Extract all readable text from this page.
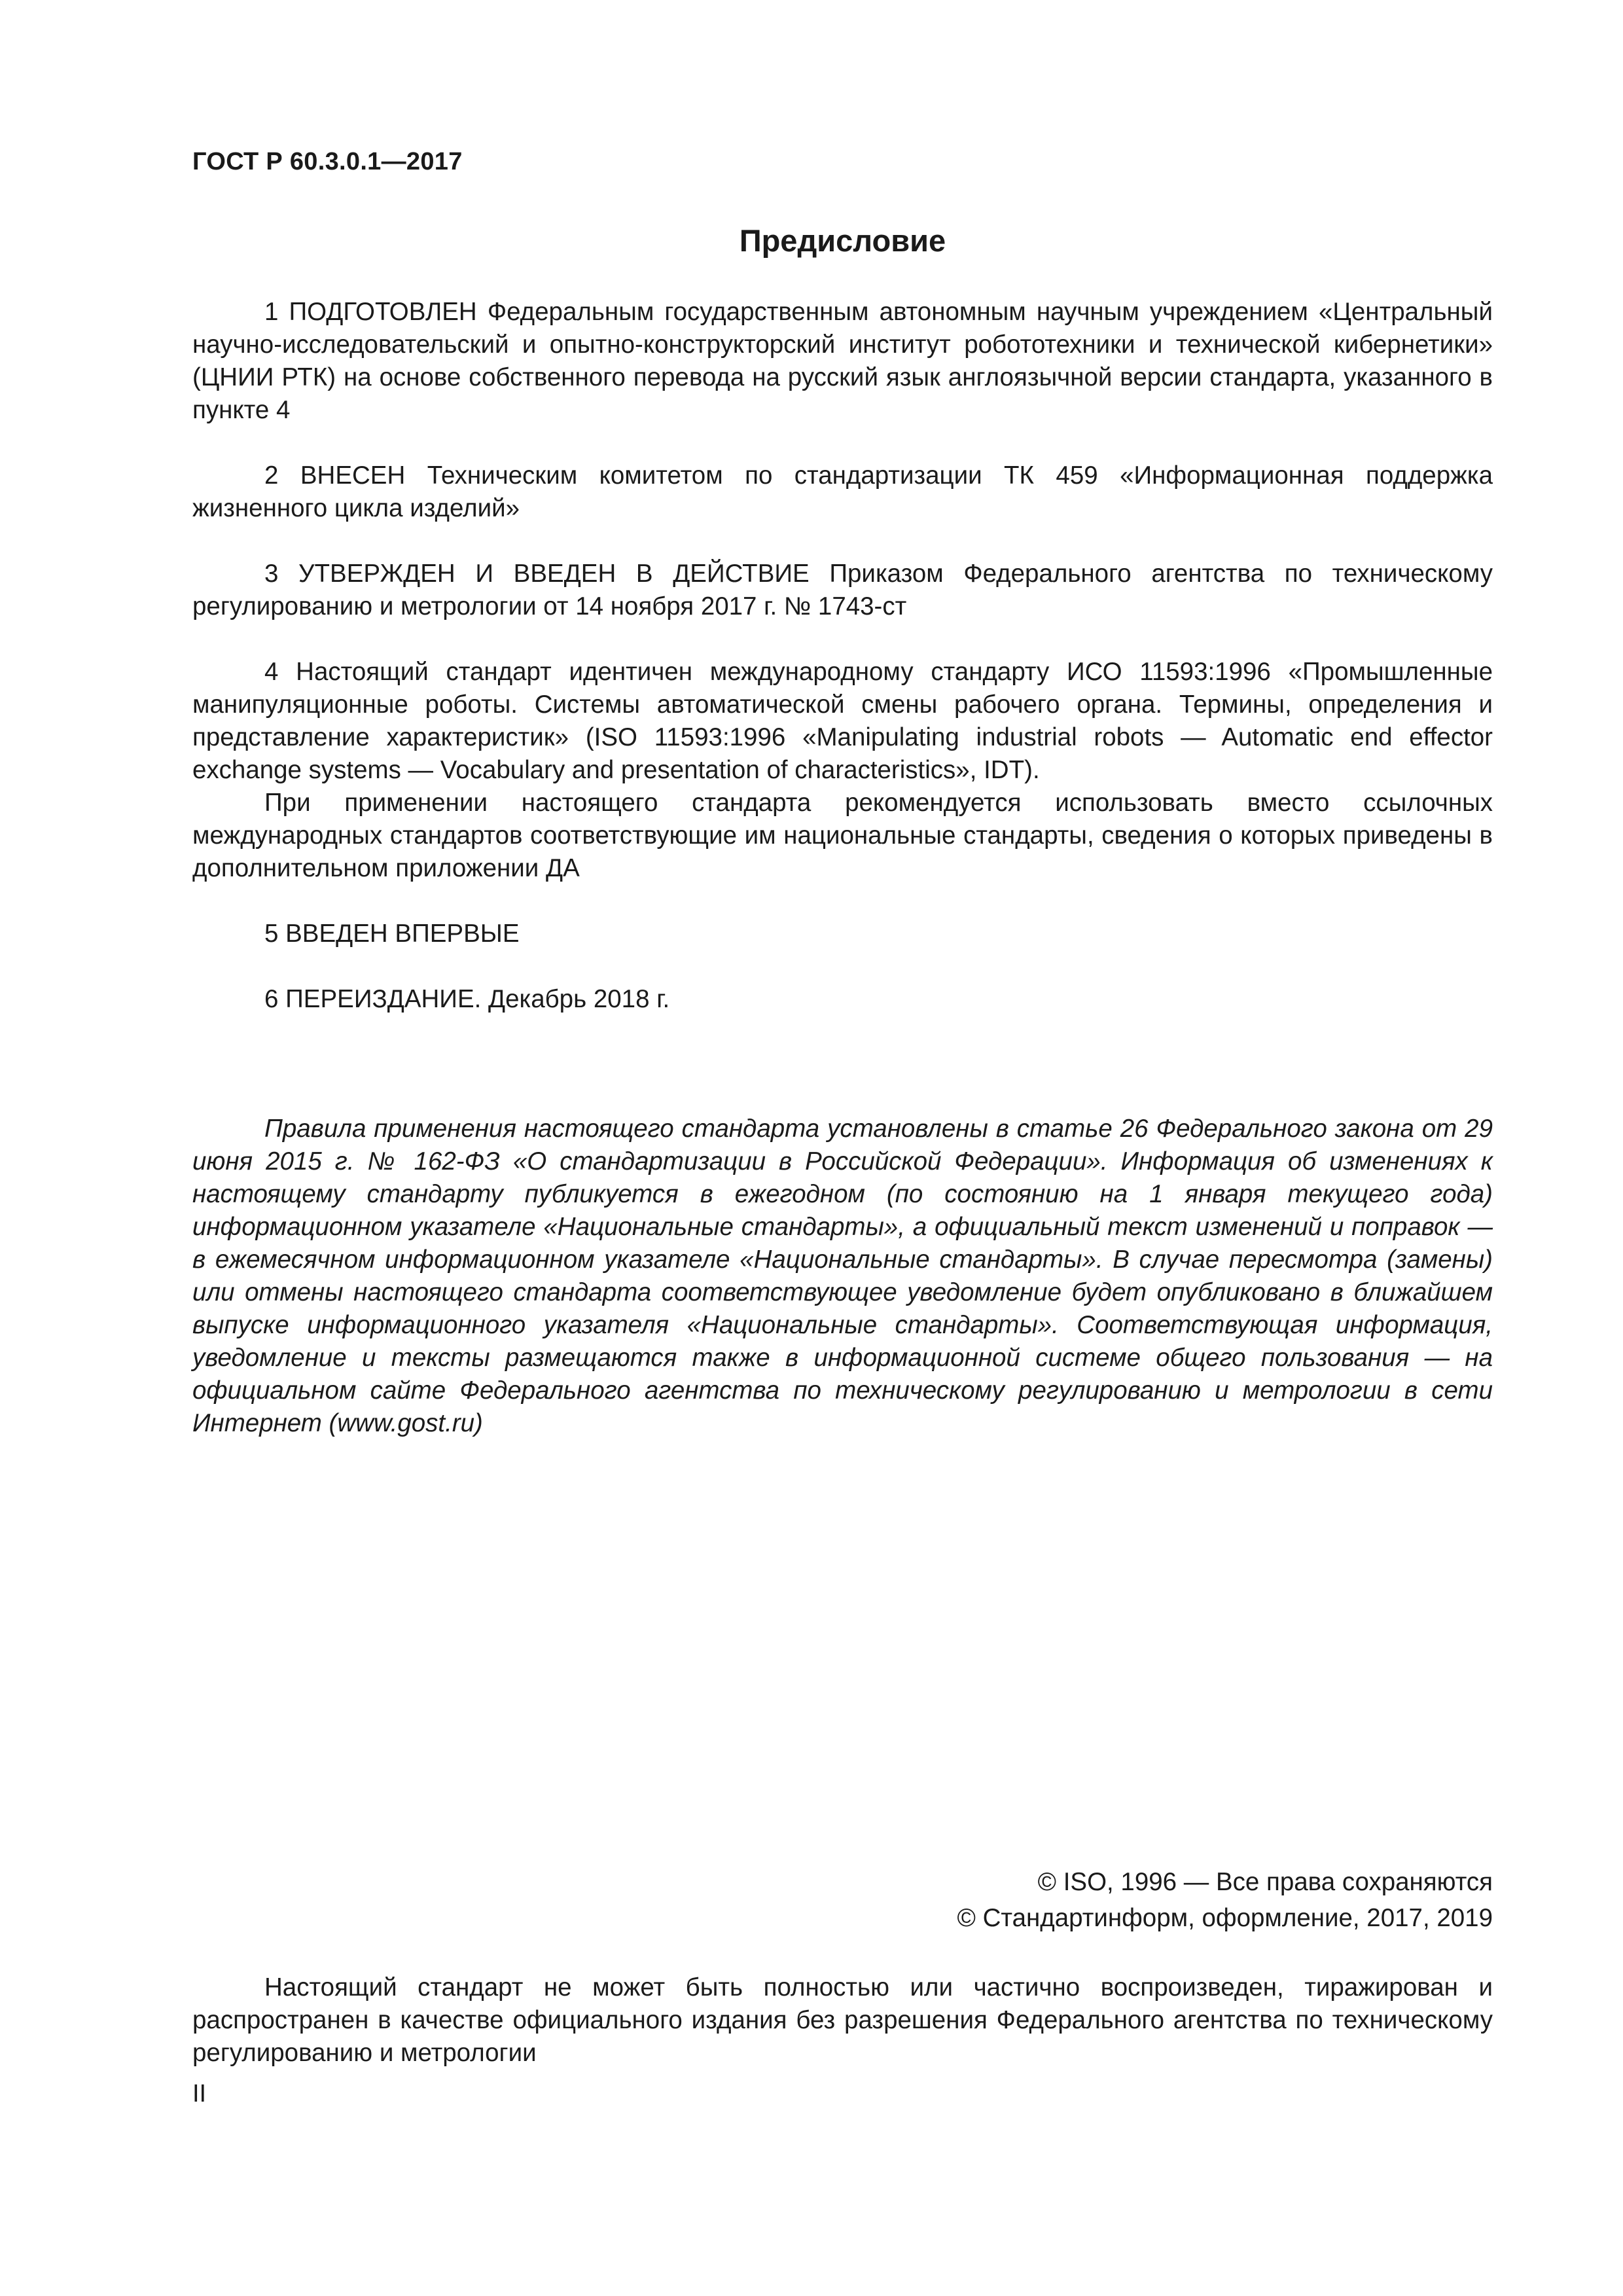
ГОСТ Р 60.3.0.1—2017
Предисловие

1 ПОДГОТОВЛЕН Федеральным государственным автономным научным учреждением «Центральный научно-исследовательский и опытно-конструкторский институт робототехники и технической кибернетики» (ЦНИИ РТК) на основе собственного перевода на русский язык англоязычной версии стандарта, указанного в пункте 4

2 ВНЕСЕН Техническим комитетом по стандартизации ТК 459 «Информационная поддержка жизненного цикла изделий»

3 УТВЕРЖДЕН И ВВЕДЕН В ДЕЙСТВИЕ Приказом Федерального агентства по техническому регулированию и метрологии от 14 ноября 2017 г. № 1743-ст

4 Настоящий стандарт идентичен международному стандарту ИСО 11593:1996 «Промышленные манипуляционные роботы. Системы автоматической смены рабочего органа. Термины, определения и представление характеристик» (ISO 11593:1996 «Manipulating industrial robots — Automatic end effector exchange systems — Vocabulary and presentation of characteristics», IDT).

При применении настоящего стандарта рекомендуется использовать вместо ссылочных международных стандартов соответствующие им национальные стандарты, сведения о которых приведены в дополнительном приложении ДА

5 ВВЕДЕН ВПЕРВЫЕ

6 ПЕРЕИЗДАНИЕ. Декабрь 2018 г.

Правила применения настоящего стандарта установлены в статье 26 Федерального закона от 29 июня 2015 г. № 162-ФЗ «О стандартизации в Российской Федерации». Информация об изменениях к настоящему стандарту публикуется в ежегодном (по состоянию на 1 января текущего года) информационном указателе «Национальные стандарты», а официальный текст изменений и поправок — в ежемесячном информационном указателе «Национальные стандарты». В случае пересмотра (замены) или отмены настоящего стандарта соответствующее уведомление будет опубликовано в ближайшем выпуске информационного указателя «Национальные стандарты». Соответствующая информация, уведомление и тексты размещаются также в информационной системе общего пользования — на официальном сайте Федерального агентства по техническому регулированию и метрологии в сети Интернет (www.gost.ru)

© ISO, 1996 — Все права сохраняются
© Стандартинформ, оформление, 2017, 2019

Настоящий стандарт не может быть полностью или частично воспроизведен, тиражирован и распространен в качестве официального издания без разрешения Федерального агентства по техническому регулированию и метрологии

II
